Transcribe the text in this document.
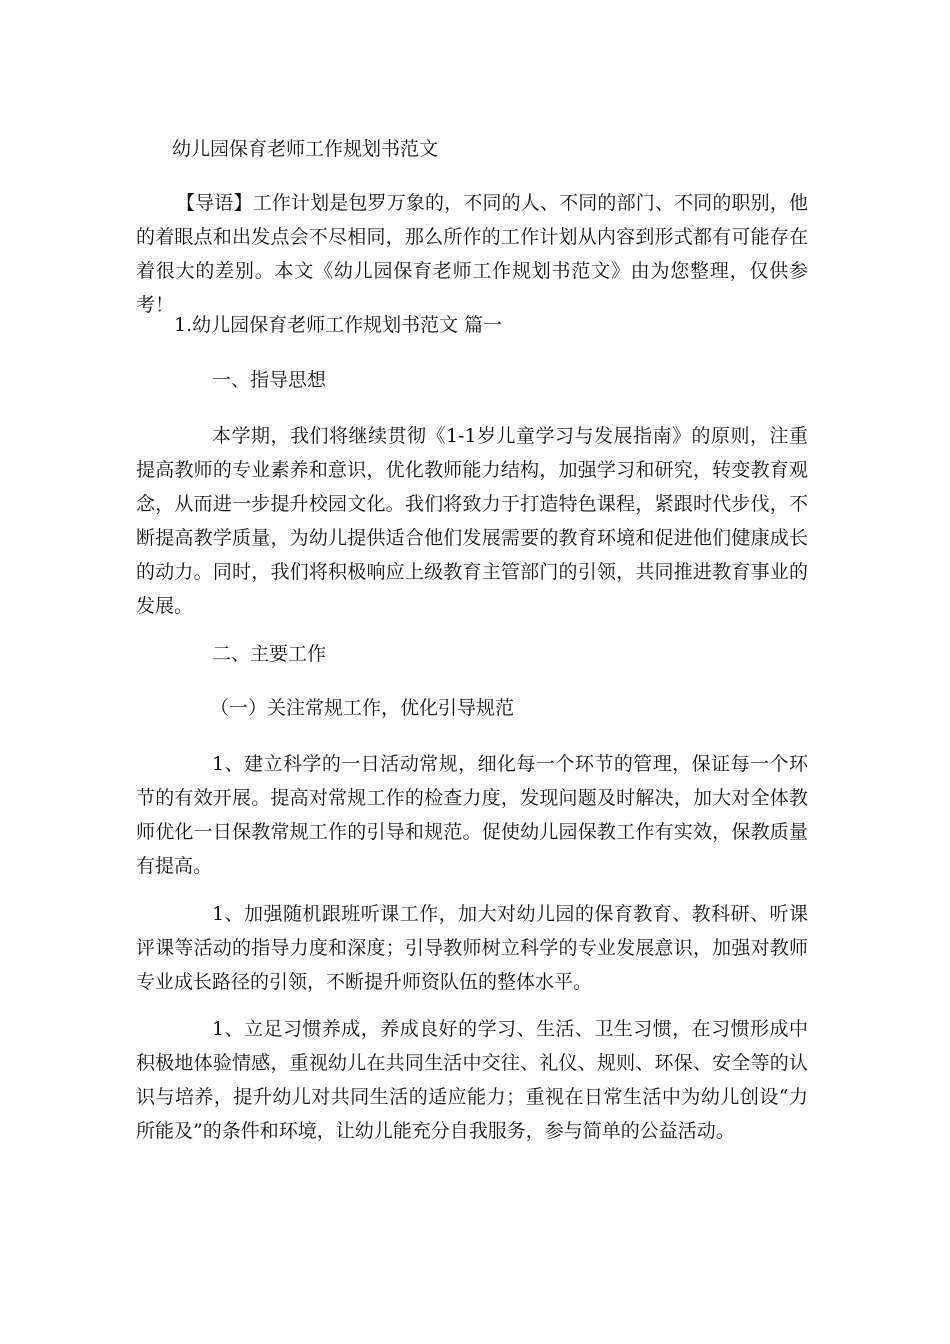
幼儿园保育老师工作规划书范文

【导语】工作计划是包罗万象的，不同的人、不同的部门、不同的职别，他的着眼点和出发点会不尽相同，那么所作的工作计划从内容到形式都有可能存在着很大的差别。本文《幼儿园保育老师工作规划书范文》由为您整理，仅供参考！

1.幼儿园保育老师工作规划书范文 篇一

一、指导思想

本学期，我们将继续贯彻《1-1岁儿童学习与发展指南》的原则，注重提高教师的专业素养和意识，优化教师能力结构，加强学习和研究，转变教育观念，从而进一步提升校园文化。我们将致力于打造特色课程，紧跟时代步伐，不断提高教学质量，为幼儿提供适合他们发展需要的教育环境和促进他们健康成长的动力。同时，我们将积极响应上级教育主管部门的引领，共同推进教育事业的发展。

二、主要工作

（一）关注常规工作，优化引导规范

1、建立科学的一日活动常规，细化每一个环节的管理，保证每一个环节的有效开展。提高对常规工作的检查力度，发现问题及时解决，加大对全体教师优化一日保教常规工作的引导和规范。促使幼儿园保教工作有实效，保教质量有提高。

1、加强随机跟班听课工作，加大对幼儿园的保育教育、教科研、听课评课等活动的指导力度和深度；引导教师树立科学的专业发展意识，加强对教师专业成长路径的引领，不断提升师资队伍的整体水平。

1、立足习惯养成，养成良好的学习、生活、卫生习惯，在习惯形成中积极地体验情感，重视幼儿在共同生活中交往、礼仪、规则、环保、安全等的认识与培养，提升幼儿对共同生活的适应能力；重视在日常生活中为幼儿创设“力所能及”的条件和环境，让幼儿能充分自我服务，参与简单的公益活动。
